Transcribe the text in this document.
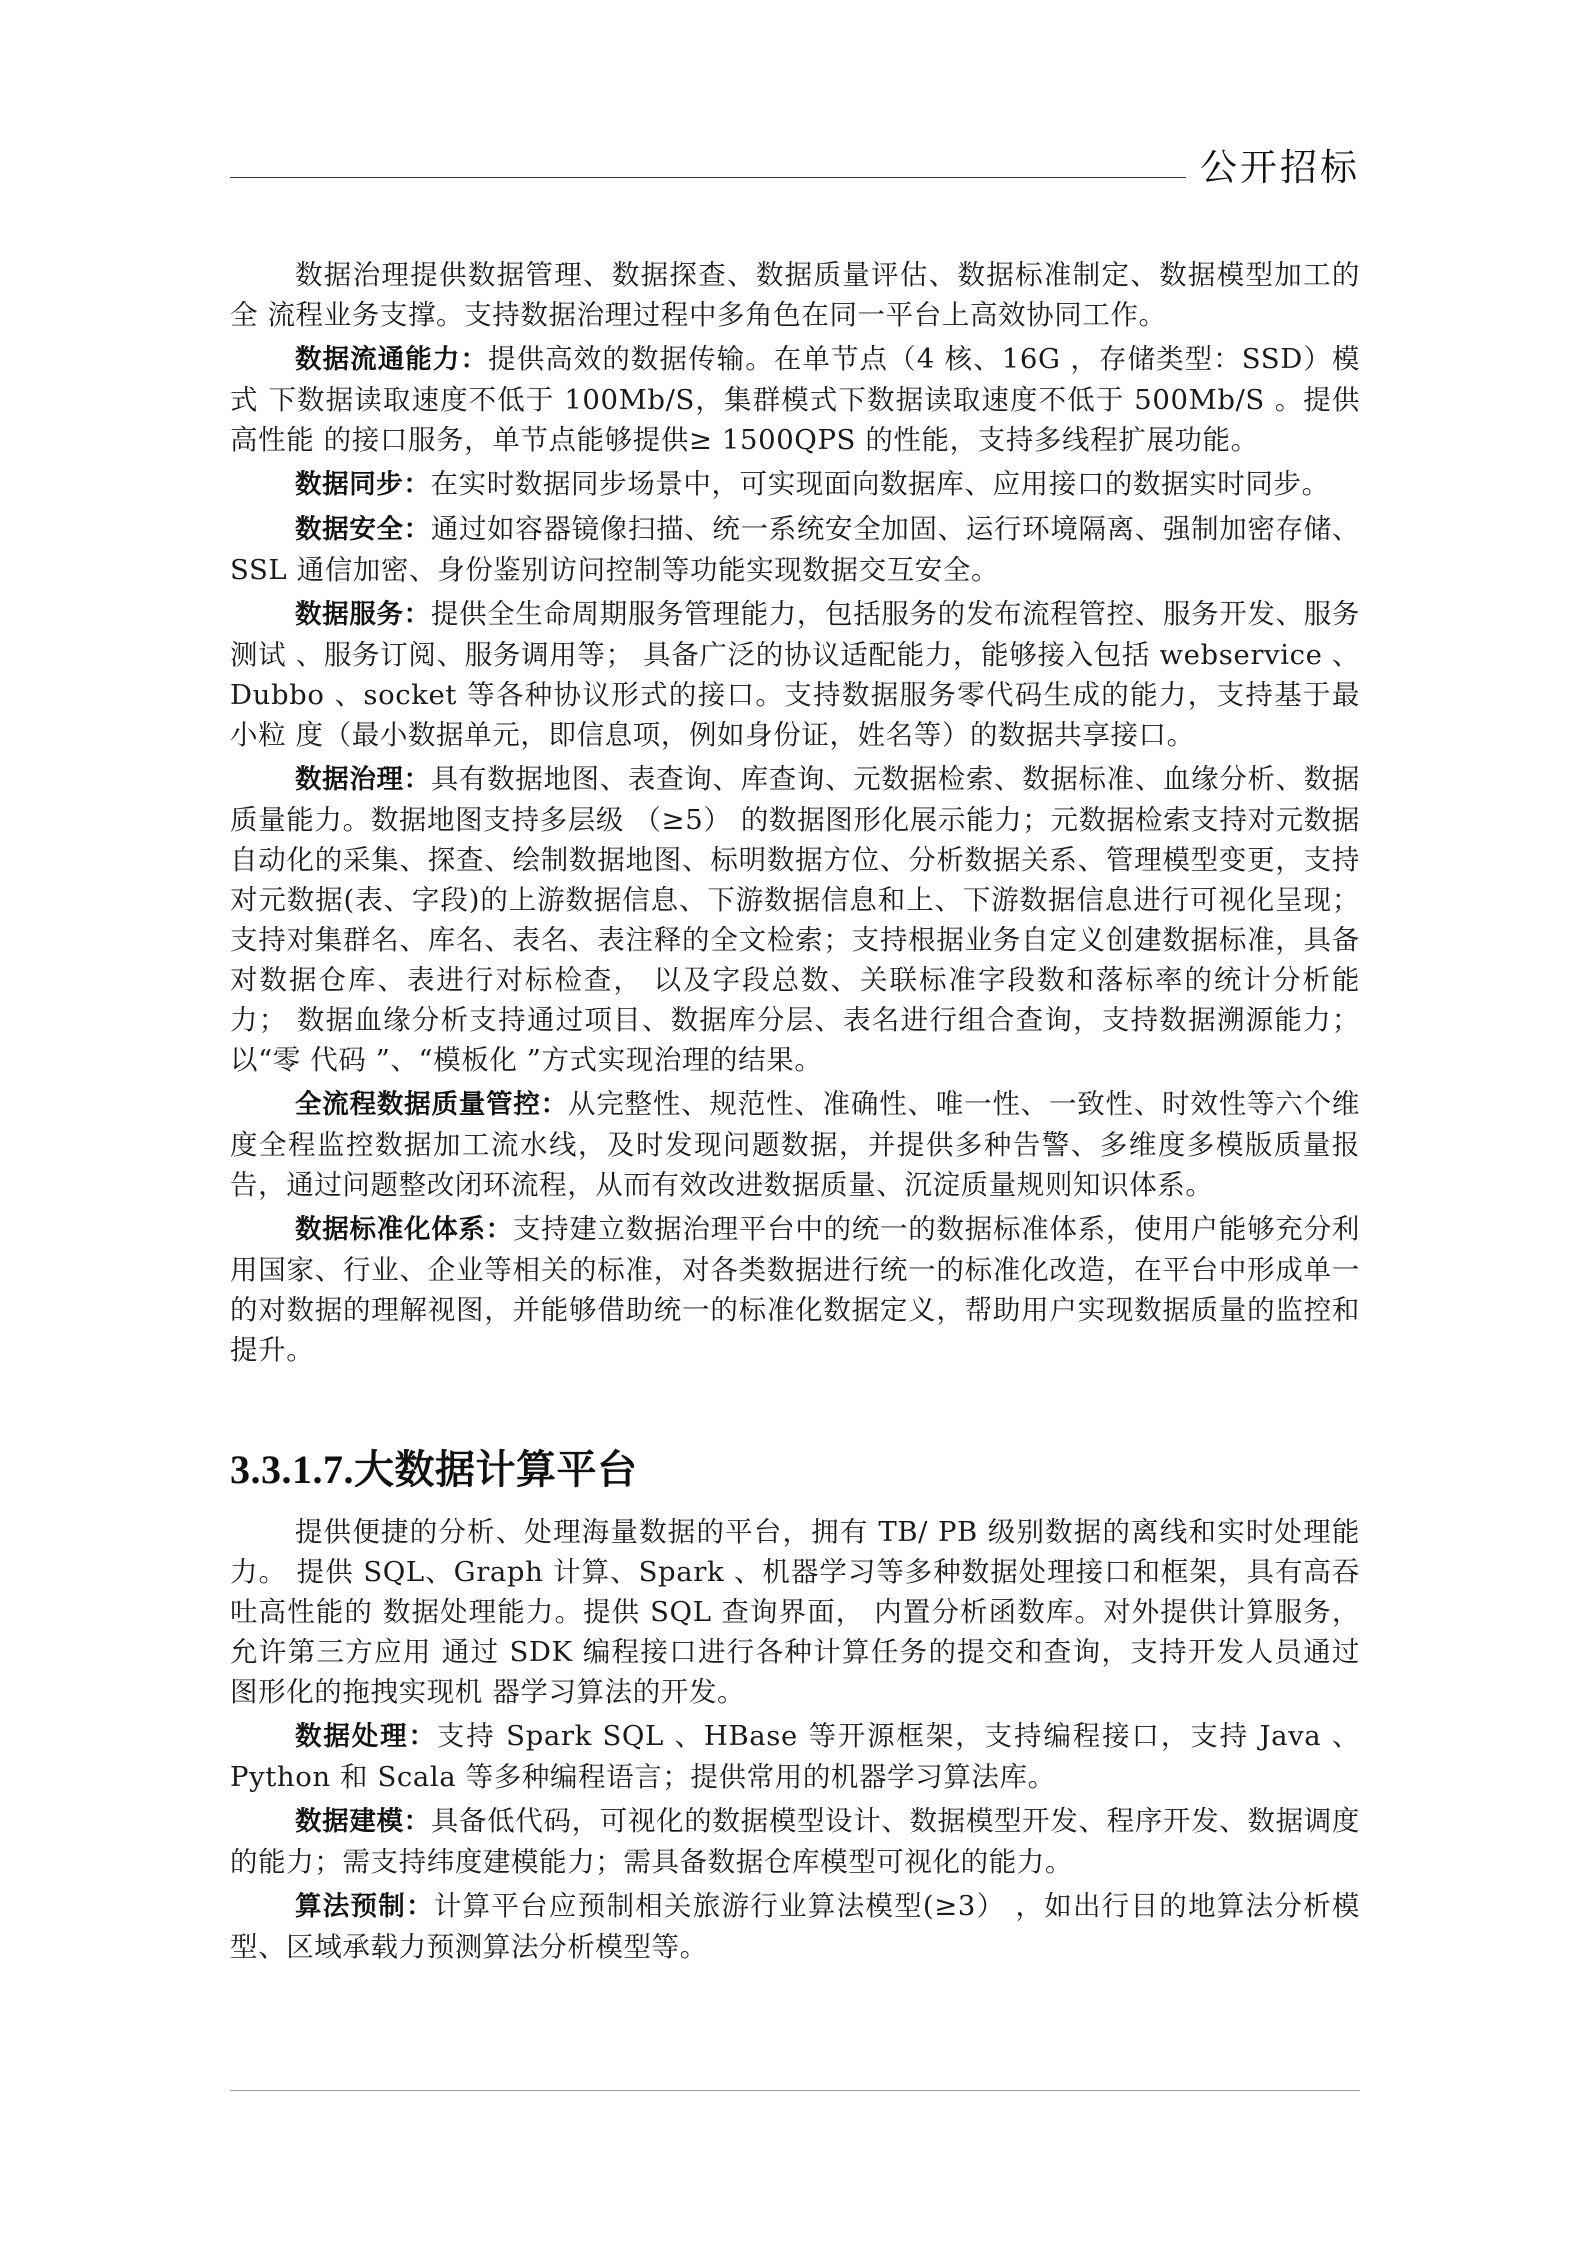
公开招标

数据治理提供数据管理、数据探查、数据质量评估、数据标准制定、数据模型加工的全 流程业务支撑。支持数据治理过程中多角色在同一平台上高效协同工作。

数据流通能力：提供高效的数据传输。在单节点（4 核、16G ，存储类型：SSD）模式 下数据读取速度不低于 100Mb/S，集群模式下数据读取速度不低于 500Mb/S 。提供高性能 的接口服务，单节点能够提供≥ 1500QPS 的性能，支持多线程扩展功能。

数据同步：在实时数据同步场景中，可实现面向数据库、应用接口的数据实时同步。

数据安全：通过如容器镜像扫描、统一系统安全加固、运行环境隔离、强制加密存储、 SSL 通信加密、身份鉴别访问控制等功能实现数据交互安全。

数据服务：提供全生命周期服务管理能力，包括服务的发布流程管控、服务开发、服务 测试 、服务订阅、服务调用等； 具备广泛的协议适配能力，能够接入包括 webservice 、 Dubbo 、socket 等各种协议形式的接口。支持数据服务零代码生成的能力，支持基于最小粒 度（最小数据单元，即信息项，例如身份证，姓名等）的数据共享接口。

数据治理：具有数据地图、表查询、库查询、元数据检索、数据标准、血缘分析、数据 质量能力。数据地图支持多层级 （≥5） 的数据图形化展示能力；元数据检索支持对元数据 自动化的采集、探查、绘制数据地图、标明数据方位、分析数据关系、管理模型变更，支持 对元数据(表、字段)的上游数据信息、下游数据信息和上、下游数据信息进行可视化呈现； 支持对集群名、库名、表名、表注释的全文检索；支持根据业务自定义创建数据标准，具备 对数据仓库、表进行对标检查， 以及字段总数、关联标准字段数和落标率的统计分析能力； 数据血缘分析支持通过项目、数据库分层、表名进行组合查询，支持数据溯源能力； 以“零 代码 ”、“模板化 ”方式实现治理的结果。

全流程数据质量管控：从完整性、规范性、准确性、唯一性、一致性、时效性等六个维 度全程监控数据加工流水线，及时发现问题数据，并提供多种告警、多维度多模版质量报 告，通过问题整改闭环流程，从而有效改进数据质量、沉淀质量规则知识体系。

数据标准化体系：支持建立数据治理平台中的统一的数据标准体系，使用户能够充分利 用国家、行业、企业等相关的标准，对各类数据进行统一的标准化改造，在平台中形成单一 的对数据的理解视图，并能够借助统一的标准化数据定义，帮助用户实现数据质量的监控和 提升。

3.3.1.7.大数据计算平台

提供便捷的分析、处理海量数据的平台，拥有 TB/ PB 级别数据的离线和实时处理能力。 提供 SQL、Graph 计算、Spark 、机器学习等多种数据处理接口和框架，具有高吞吐高性能的 数据处理能力。提供 SQL 查询界面， 内置分析函数库。对外提供计算服务，允许第三方应用 通过 SDK 编程接口进行各种计算任务的提交和查询，支持开发人员通过图形化的拖拽实现机 器学习算法的开发。

数据处理：支持 Spark SQL 、HBase 等开源框架，支持编程接口，支持 Java 、Python 和 Scala 等多种编程语言；提供常用的机器学习算法库。

数据建模：具备低代码，可视化的数据模型设计、数据模型开发、程序开发、数据调度 的能力；需支持纬度建模能力；需具备数据仓库模型可视化的能力。

算法预制：计算平台应预制相关旅游行业算法模型(≥3） ，如出行目的地算法分析模 型、区域承载力预测算法分析模型等。
